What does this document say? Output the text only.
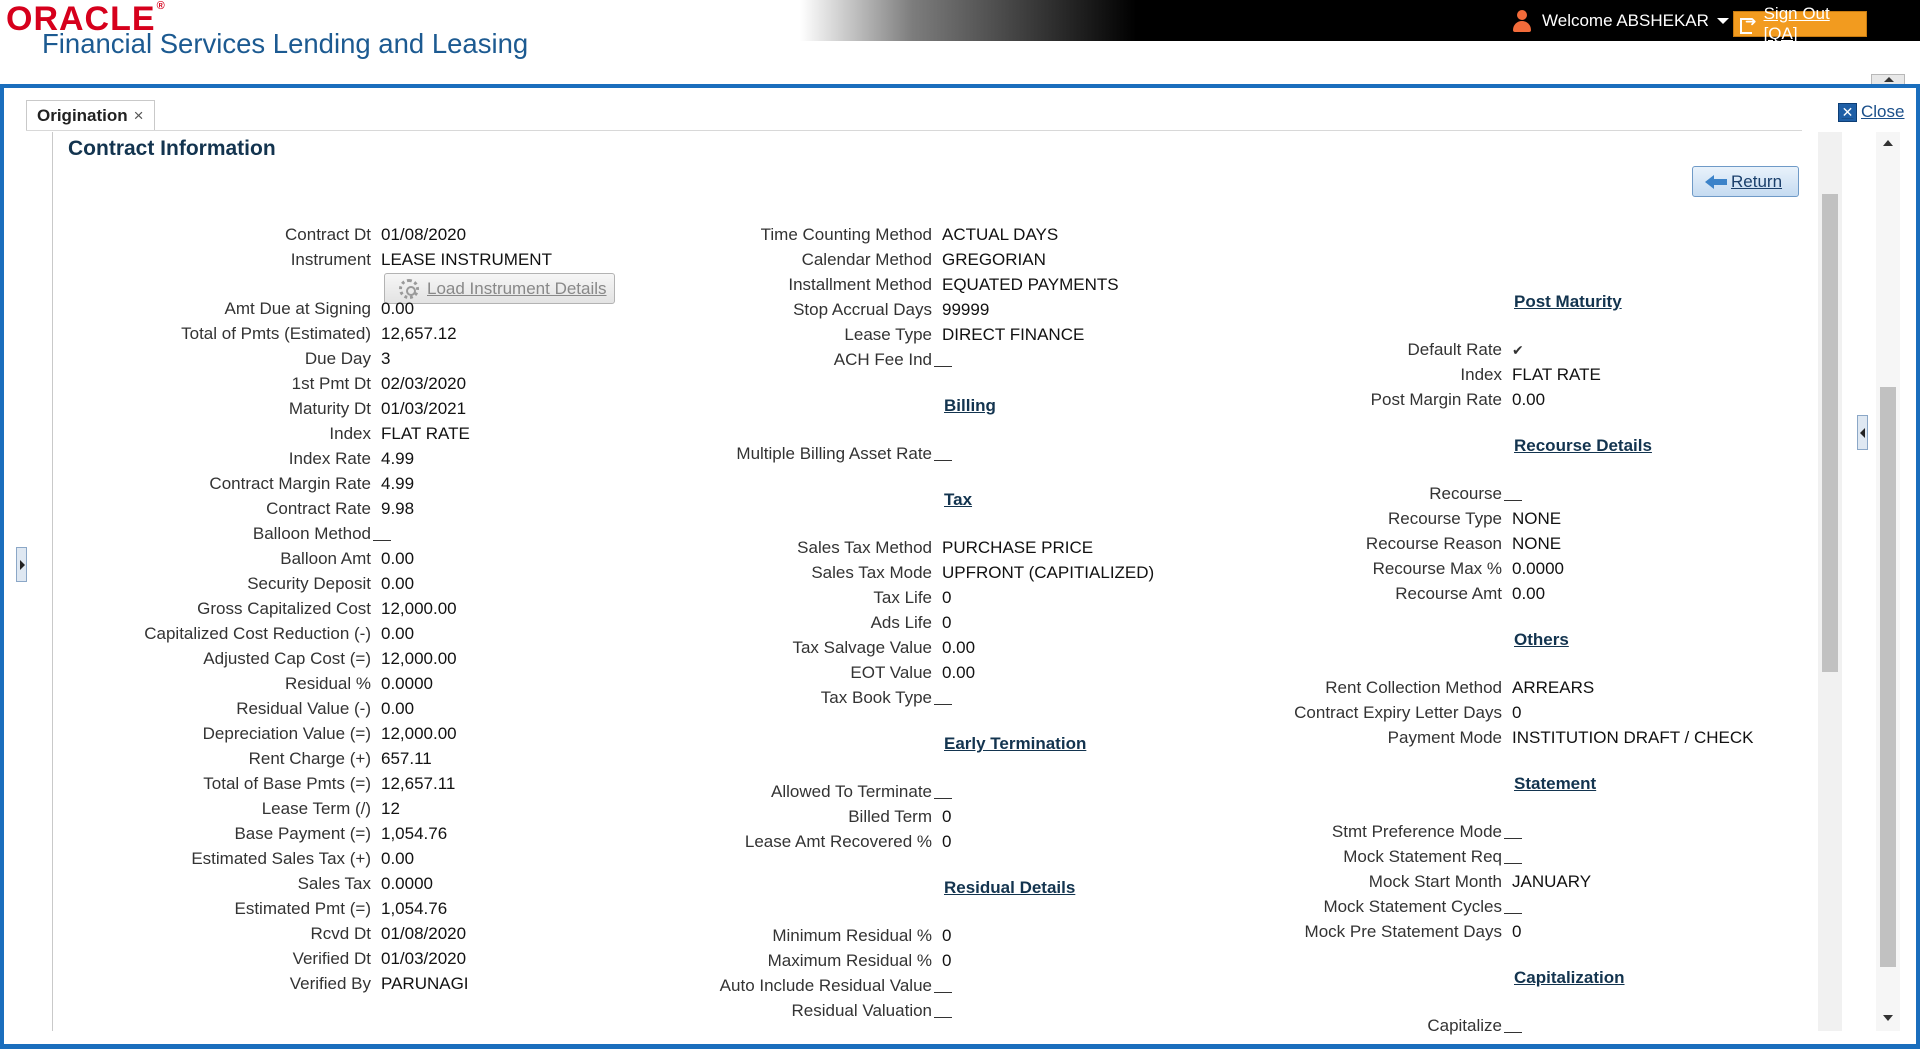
ORACLE®
Financial Services Lending and Leasing
Welcome ABSHEKAR
➜	Sign Out [QA]
Origination ×	✕ Close
Contract Information
Return
Load Instrument Details
Contract Dt 01/08/2020
Instrument LEASE INSTRUMENT
Amt Due at Signing 0.00
Total of Pmts (Estimated) 12,657.12
Due Day 3
1st Pmt Dt 02/03/2020
Maturity Dt 01/03/2021
Index FLAT RATE
Index Rate 4.99
Contract Margin Rate 4.99
Contract Rate 9.98
Balloon Method
Balloon Amt 0.00
Security Deposit 0.00
Gross Capitalized Cost 12,000.00
Capitalized Cost Reduction (-) 0.00
Adjusted Cap Cost (=) 12,000.00
Residual % 0.0000
Residual Value (-) 0.00
Depreciation Value (=) 12,000.00
Rent Charge (+) 657.11
Total of Base Pmts (=) 12,657.11
Lease Term (/) 12
Base Payment (=) 1,054.76
Estimated Sales Tax (+) 0.00
Sales Tax 0.0000
Estimated Pmt (=) 1,054.76
Rcvd Dt 01/08/2020
Verified Dt 01/03/2020
Verified By PARUNAGI
Time Counting Method ACTUAL DAYS
Calendar Method GREGORIAN
Installment Method EQUATED PAYMENTS
Stop Accrual Days 99999
Lease Type DIRECT FINANCE
ACH Fee Ind
Billing
Multiple Billing Asset Rate
Tax
Sales Tax Method PURCHASE PRICE
Sales Tax Mode UPFRONT (CAPITIALIZED)
Tax Life 0
Ads Life 0
Tax Salvage Value 0.00
EOT Value 0.00
Tax Book Type
Early Termination
Allowed To Terminate
Billed Term 0
Lease Amt Recovered % 0
Residual Details
Minimum Residual % 0
Maximum Residual % 0
Auto Include Residual Value
Residual Valuation
Post Maturity
Default Rate ✔
Index FLAT RATE
Post Margin Rate 0.00
Recourse Details
Recourse
Recourse Type NONE
Recourse Reason NONE
Recourse Max % 0.0000
Recourse Amt 0.00
Others
Rent Collection Method ARREARS
Contract Expiry Letter Days 0
Payment Mode INSTITUTION DRAFT / CHECK
Statement
Stmt Preference Mode
Mock Statement Req
Mock Start Month JANUARY
Mock Statement Cycles
Mock Pre Statement Days 0
Capitalization
Capitalize
